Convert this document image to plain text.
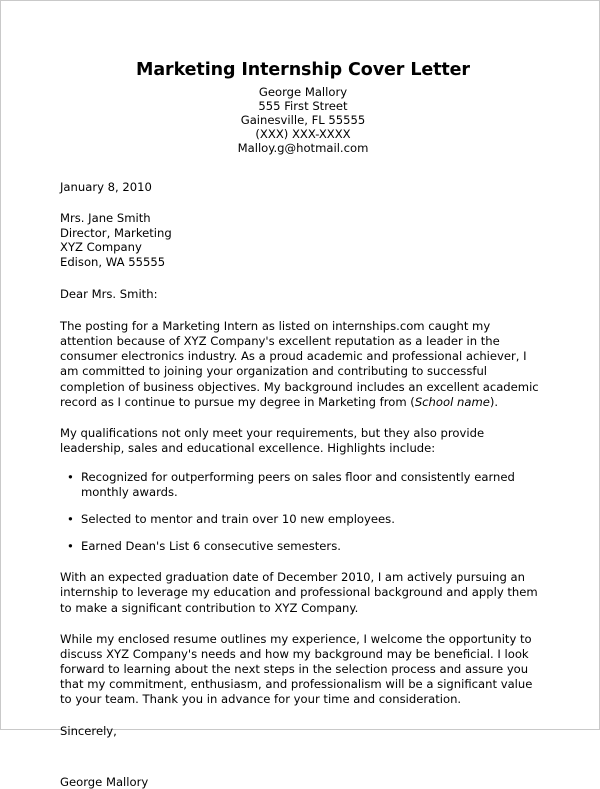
Marketing Internship Cover Letter
George Mallory
555 First Street
Gainesville, FL 55555
(XXX) XXX-XXXX
Malloy.g@hotmail.com
January 8, 2010
Mrs. Jane Smith
Director, Marketing
XYZ Company
Edison, WA 55555
Dear Mrs. Smith:

The posting for a Marketing Intern as listed on internships.com caught my attention because of XYZ Company's excellent reputation as a leader in the consumer electronics industry. As a proud academic and professional achiever, I am committed to joining your organization and contributing to successful completion of business objectives. My background includes an excellent academic record as I continue to pursue my degree in Marketing from (School name).

My qualifications not only meet your requirements, but they also provide leadership, sales and educational excellence. Highlights include:

• Recognized for outperforming peers on sales floor and consistently earned monthly awards.
• Selected to mentor and train over 10 new employees.
• Earned Dean's List 6 consecutive semesters.

With an expected graduation date of December 2010, I am actively pursuing an internship to leverage my education and professional background and apply them to make a significant contribution to XYZ Company.

While my enclosed resume outlines my experience, I welcome the opportunity to discuss XYZ Company's needs and how my background may be beneficial. I look forward to learning about the next steps in the selection process and assure you that my commitment, enthusiasm, and professionalism will be a significant value to your team. Thank you in advance for your time and consideration.

Sincerely,
George Mallory
